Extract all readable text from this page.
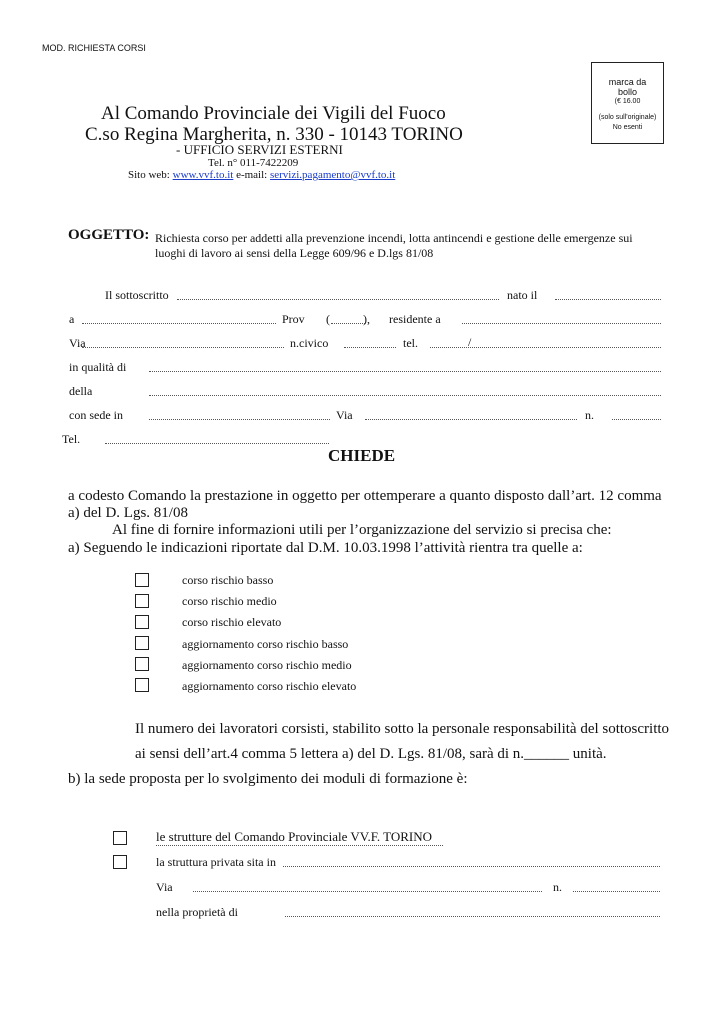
MOD. RICHIESTA CORSI
Al Comando Provinciale dei Vigili del Fuoco
C.so Regina Margherita, n. 330 - 10143 TORINO
- UFFICIO SERVIZI ESTERNI
Tel. n° 011-7422209
Sito web: www.vvf.to.it e-mail: servizi.pagamento@vvf.to.it
marca da
bollo
(€ 16.00
(solo sull'originale)
No esenti
OGGETTO: Richiesta corso per addetti alla prevenzione incendi, lotta antincendi e gestione delle emergenze sui
luoghi di lavoro ai sensi della Legge 609/96 e D.lgs 81/08
Il sottoscritto	nato il
a	Prov (	), residente a
Via	n.civico	tel.	/
in qualità di
della
con sede in	Via	n.
Tel.
CHIEDE
a codesto Comando la prestazione in oggetto per ottemperare a quanto disposto dall’art. 12 comma
a) del D. Lgs. 81/08
Al fine di fornire informazioni utili per l’organizzazione del servizio si precisa che:
a) Seguendo le indicazioni riportate dal D.M. 10.03.1998 l’attività rientra tra quelle a:
corso rischio basso
corso rischio medio
corso rischio elevato
aggiornamento corso rischio basso
aggiornamento corso rischio medio
aggiornamento corso rischio elevato
Il numero dei lavoratori corsisti, stabilito sotto la personale responsabilità del sottoscritto
ai sensi dell’art.4 comma 5 lettera a) del D. Lgs. 81/08, sarà di n.______ unità.
b) la sede proposta per lo svolgimento dei moduli di formazione è:
le strutture del Comando Provinciale VV.F. TORINO
la struttura privata sita in
Via	n.
nella proprietà di
